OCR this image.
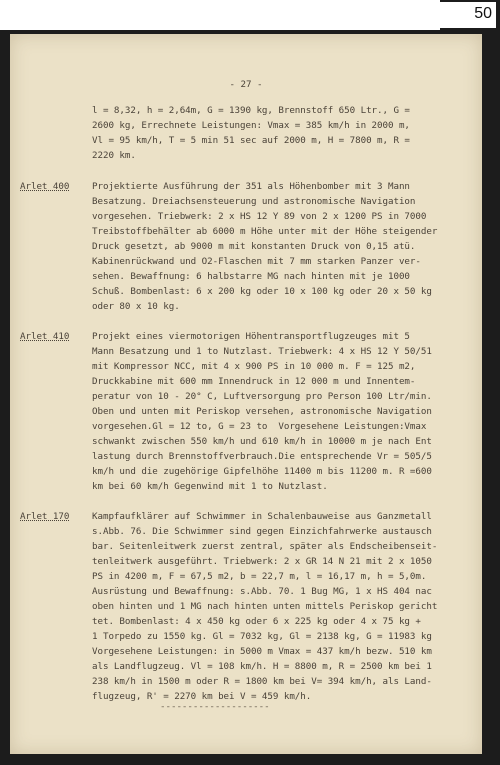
50
- 27 -
l = 8,32, h = 2,64m, G = 1390 kg, Brennstoff 650 Ltr., G =
2600 kg, Errechnete Leistungen: Vmax = 385 km/h in 2000 m,
Vl = 95 km/h, T = 5 min 51 sec auf 2000 m, H = 7800 m, R =
2220 km.
Arlet 400 Projektierte Ausführung der 351 als Höhenbomber mit 3 Mann
Besatzung. Dreiachsensteuerung und astronomische Navigation
vorgesehen. Triebwerk: 2 x HS 12 Y 89 von 2 x 1200 PS in 7000
Treibstoffbehälter ab 6000 m Höhe unter mit der Höhe steigender
Druck gesetzt, ab 9000 m mit konstanten Druck von 0,15 atü.
Kabinenrückwand und O2-Flaschen mit 7 mm starken Panzer ver-
sehen. Bewaffnung: 6 halbstarre MG nach hinten mit je 1000
Schuß. Bombenlast: 6 x 200 kg oder 10 x 100 kg oder 20 x 50 kg
oder 80 x 10 kg.
Arlet 410 Projekt eines viermotorigen Höhentransportflugzeuges mit 5
Mann Besatzung und 1 to Nutzlast. Triebwerk: 4 x HS 12 Y 50/51
mit Kompressor NCC, mit 4 x 900 PS in 10 000 m. F = 125 m2,
Druckkabine mit 600 mm Innendruck in 12 000 m und Innentem-
peratur von 10 - 20° C, Luftversorgung pro Person 100 Ltr/min.
Oben und unten mit Periskop versehen, astronomische Navigation
vorgesehen.Gl = 12 to, G = 23 to  Vorgesehene Leistungen:Vmax
schwankt zwischen 550 km/h und 610 km/h in 10000 m je nach Ent
lastung durch Brennstoffverbrauch.Die entsprechende Vr = 505/5
km/h und die zugehörige Gipfelhöhe 11400 m bis 11200 m. R =600
km bei 60 km/h Gegenwind mit 1 to Nutzlast.
Arlet 170 Kampfaufklärer auf Schwimmer in Schalenbauweise aus Ganzmetall
s.Abb. 76. Die Schwimmer sind gegen Einzichfahrwerke austausch
bar. Seitenleitwerk zuerst zentral, später als Endscheibenseit-
tenleitwerk ausgeführt. Triebwerk: 2 x GR 14 N 21 mit 2 x 1050
PS in 4200 m, F = 67,5 m2, b = 22,7 m, l = 16,17 m, h = 5,0m.
Ausrüstung und Bewaffnung: s.Abb. 70. 1 Bug MG, 1 x HS 404 nac
oben hinten und 1 MG nach hinten unten mittels Periskop gericht
tet. Bombenlast: 4 x 450 kg oder 6 x 225 kg oder 4 x 75 kg +
1 Torpedo zu 1550 kg. Gl = 7032 kg, Gl = 2138 kg, G = 11983 kg
Vorgesehene Leistungen: in 5000 m Vmax = 437 km/h bezw. 510 km
als Landflugzeug. Vl = 108 km/h. H = 8800 m, R = 2500 km bei 1
238 km/h in 1500 m oder R = 1800 km bei V= 394 km/h, als Land-
flugzeug, R' = 2270 km bei V = 459 km/h.
--------------------
